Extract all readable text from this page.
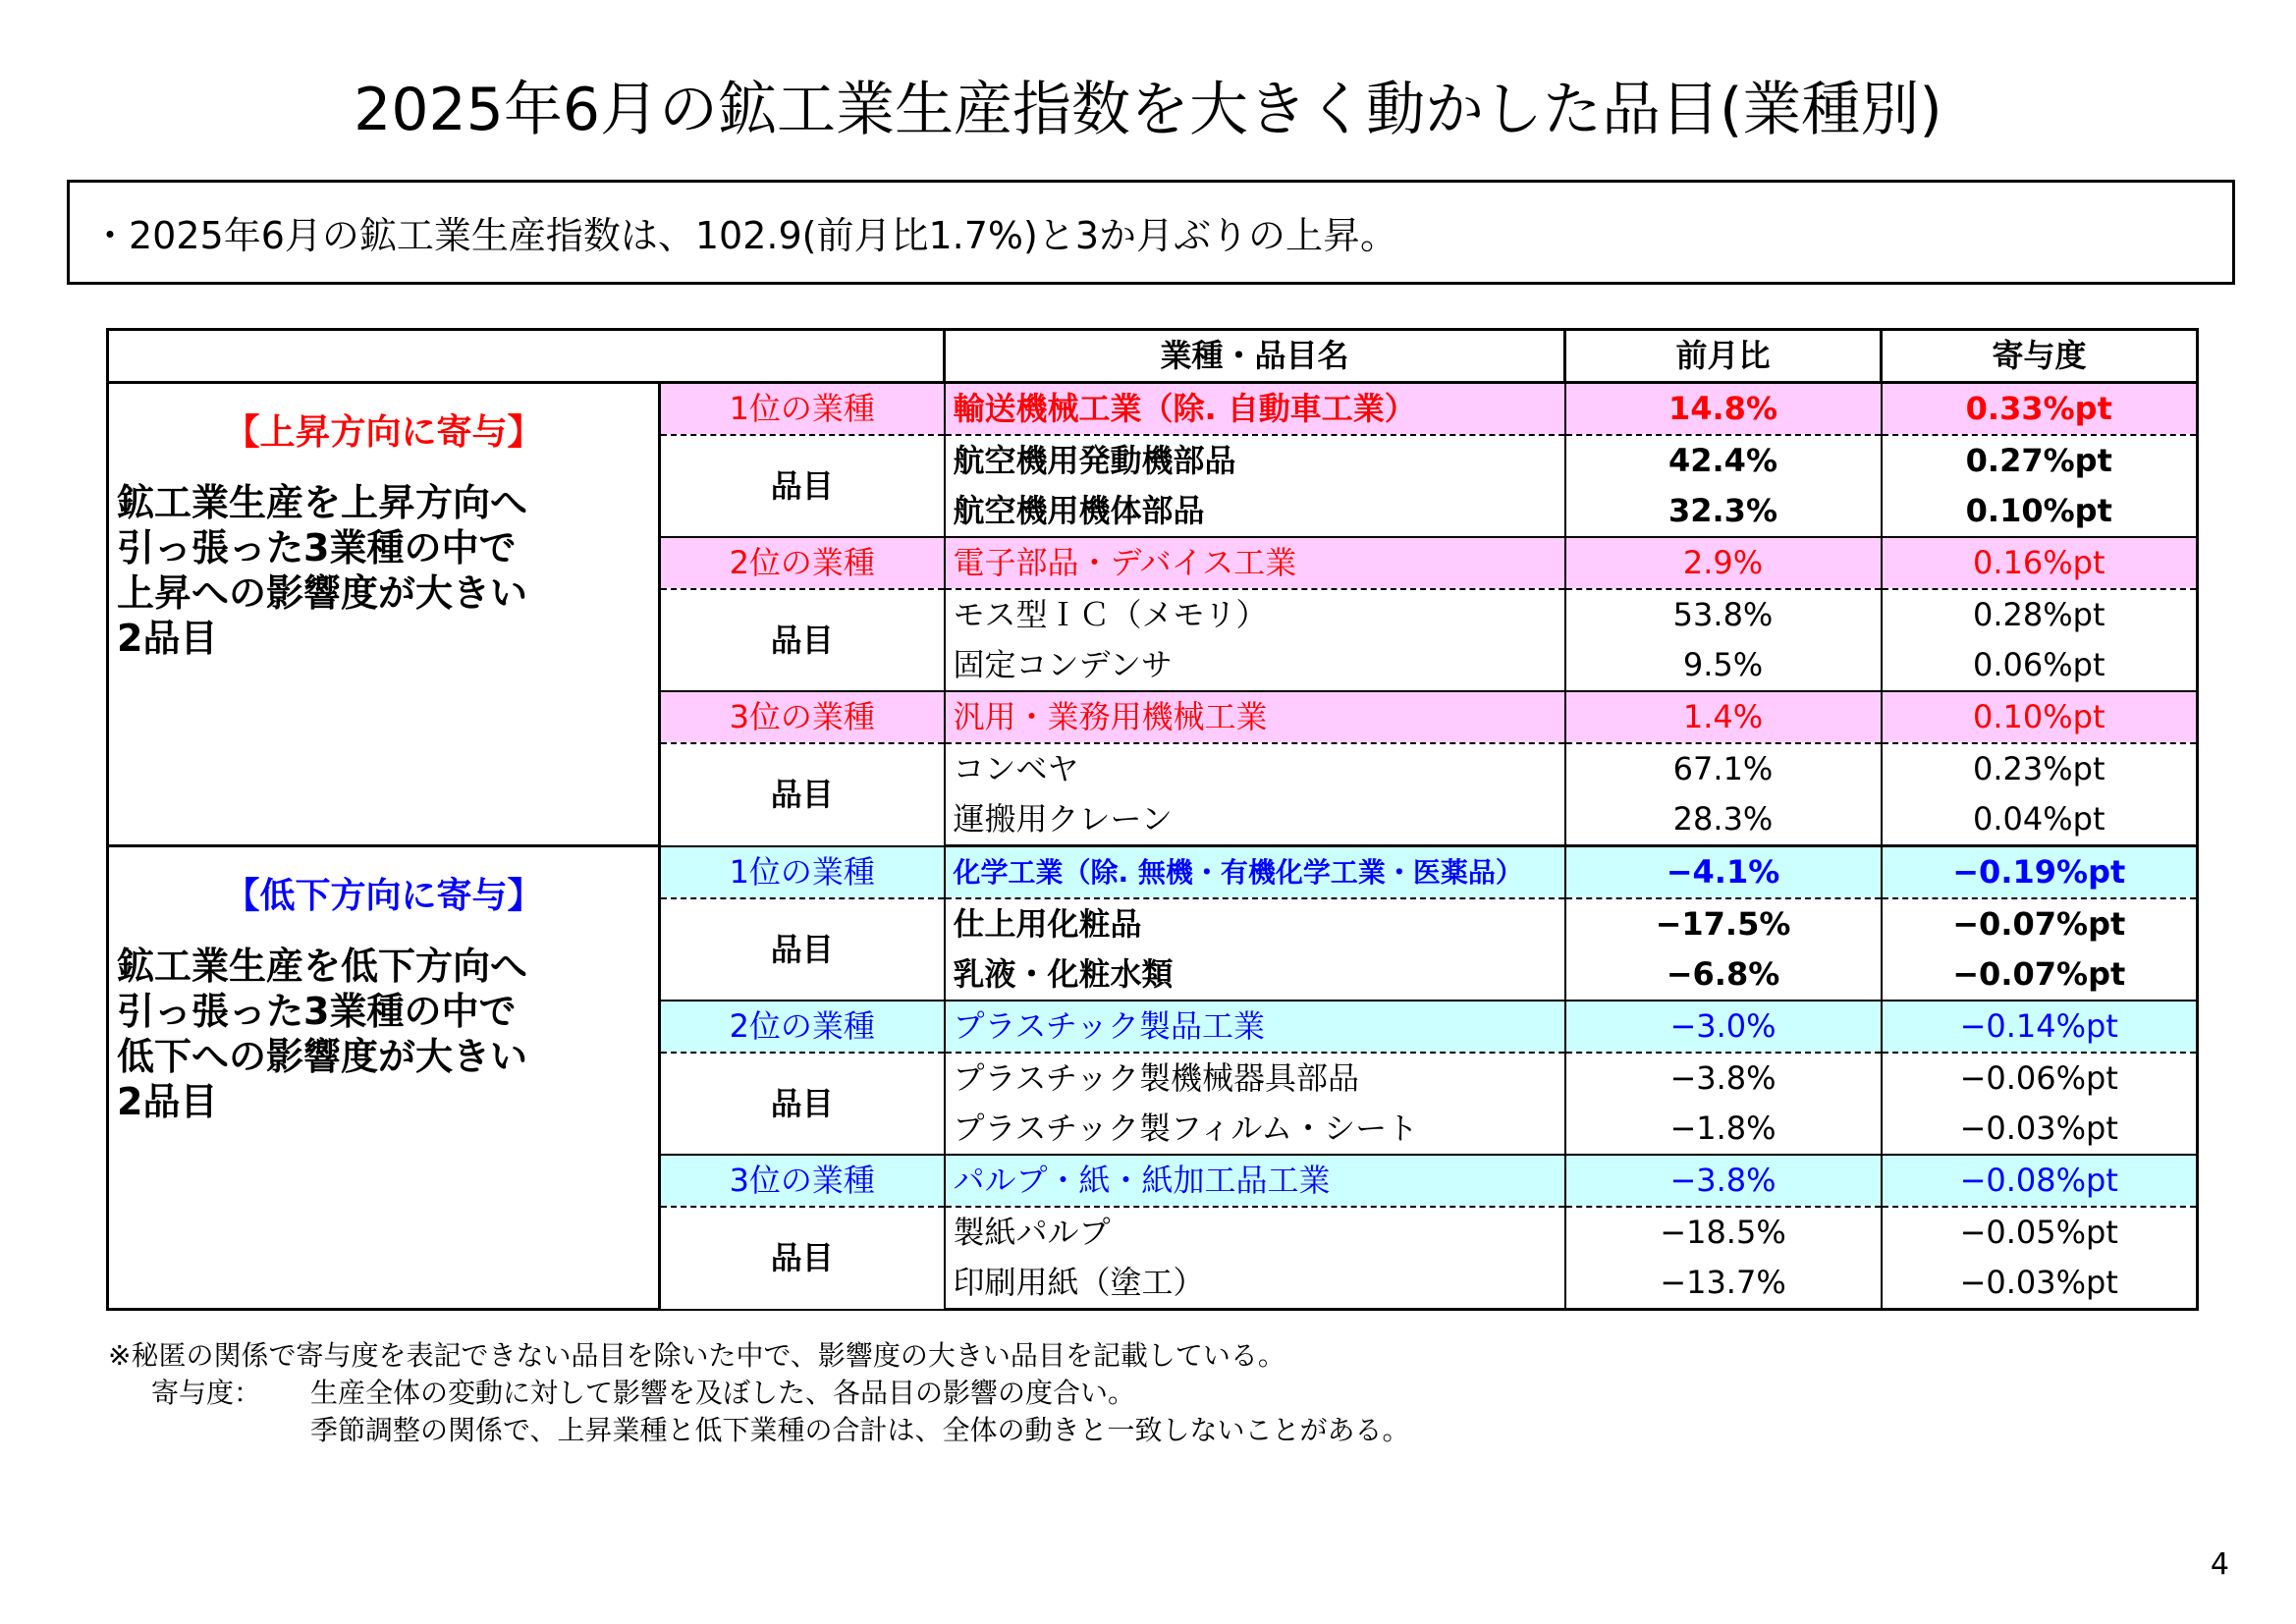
2025年6月の鉱工業生産指数を大きく動かした品目(業種別)
・2025年6月の鉱工業生産指数は、102.9(前月比1.7%)と3か月ぶりの上昇。
		業種・品目名	前月比	寄与度

【上昇方向に寄与】
鉱工業生産を上昇方向へ
引っ張った3業種の中で
上昇への影響度が大きい
2品目	1位の業種	輸送機械工業（除. 自動車工業）	14.8%	0.33%pt
	品目	航空機用発動機部品	42.4%	0.27%pt
		航空機用機体部品	32.3%	0.10%pt
	2位の業種	電子部品・デバイス工業	2.9%	0.16%pt
	品目	モス型ＩＣ（メモリ）	53.8%	0.28%pt
		固定コンデンサ	9.5%	0.06%pt
	3位の業種	汎用・業務用機械工業	1.4%	0.10%pt
	品目	コンベヤ	67.1%	0.23%pt
		運搬用クレーン	28.3%	0.04%pt

【低下方向に寄与】
鉱工業生産を低下方向へ
引っ張った3業種の中で
低下への影響度が大きい
2品目	1位の業種	化学工業（除. 無機・有機化学工業・医薬品）	−4.1%	−0.19%pt
	品目	仕上用化粧品	−17.5%	−0.07%pt
		乳液・化粧水類	−6.8%	−0.07%pt
	2位の業種	プラスチック製品工業	−3.0%	−0.14%pt
	品目	プラスチック製機械器具部品	−3.8%	−0.06%pt
		プラスチック製フィルム・シート	−1.8%	−0.03%pt
	3位の業種	パルプ・紙・紙加工品工業	−3.8%	−0.08%pt
	品目	製紙パルプ	−18.5%	−0.05%pt
		印刷用紙（塗工）	−13.7%	−0.03%pt
※秘匿の関係で寄与度を表記できない品目を除いた中で、影響度の大きい品目を記載している。
寄与度： 生産全体の変動に対して影響を及ぼした、各品目の影響の度合い。
季節調整の関係で、上昇業種と低下業種の合計は、全体の動きと一致しないことがある。
4
